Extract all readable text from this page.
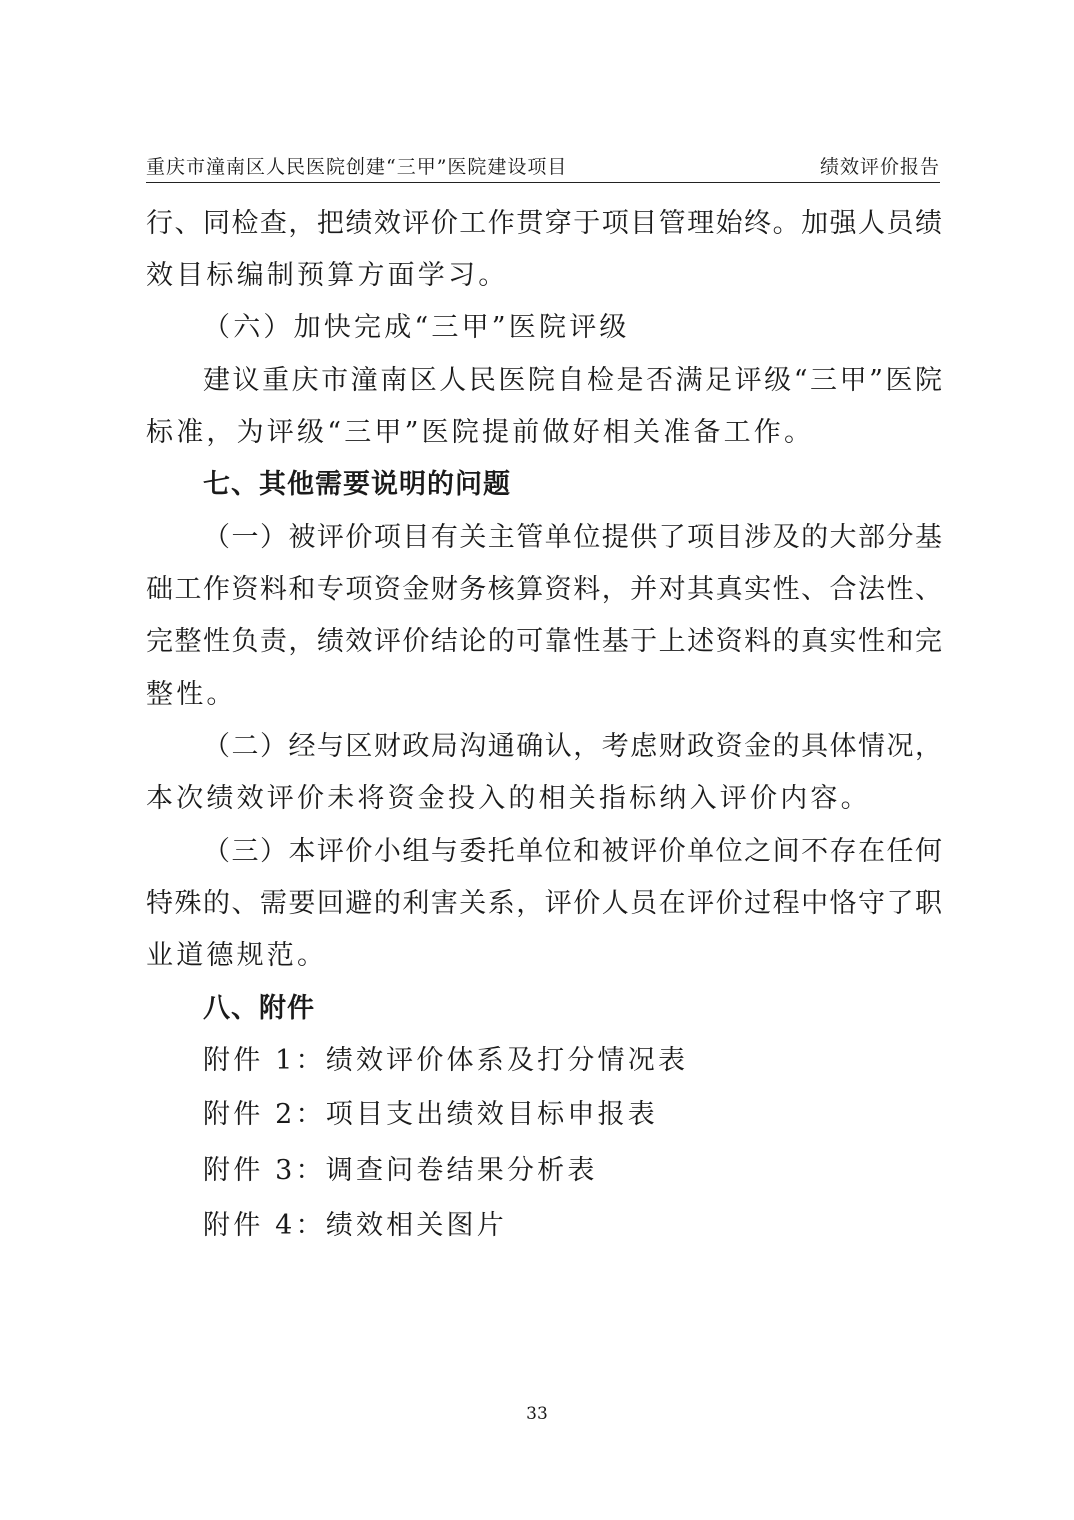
重庆市潼南区人民医院创建“三甲”医院建设项目	绩效评价报告
行、同检查，把绩效评价工作贯穿于项目管理始终。加强人员绩
效目标编制预算方面学习。
（六）加快完成“三甲”医院评级
建议重庆市潼南区人民医院自检是否满足评级“三甲”医院
标准，为评级“三甲”医院提前做好相关准备工作。
七、其他需要说明的问题
（一）被评价项目有关主管单位提供了项目涉及的大部分基
础工作资料和专项资金财务核算资料，并对其真实性、合法性、
完整性负责，绩效评价结论的可靠性基于上述资料的真实性和完
整性。
（二）经与区财政局沟通确认，考虑财政资金的具体情况，
本次绩效评价未将资金投入的相关指标纳入评价内容。
（三）本评价小组与委托单位和被评价单位之间不存在任何
特殊的、需要回避的利害关系，评价人员在评价过程中恪守了职
业道德规范。
八、附件
附件 1：绩效评价体系及打分情况表
附件 2：项目支出绩效目标申报表
附件 3：调查问卷结果分析表
附件 4：绩效相关图片
33
